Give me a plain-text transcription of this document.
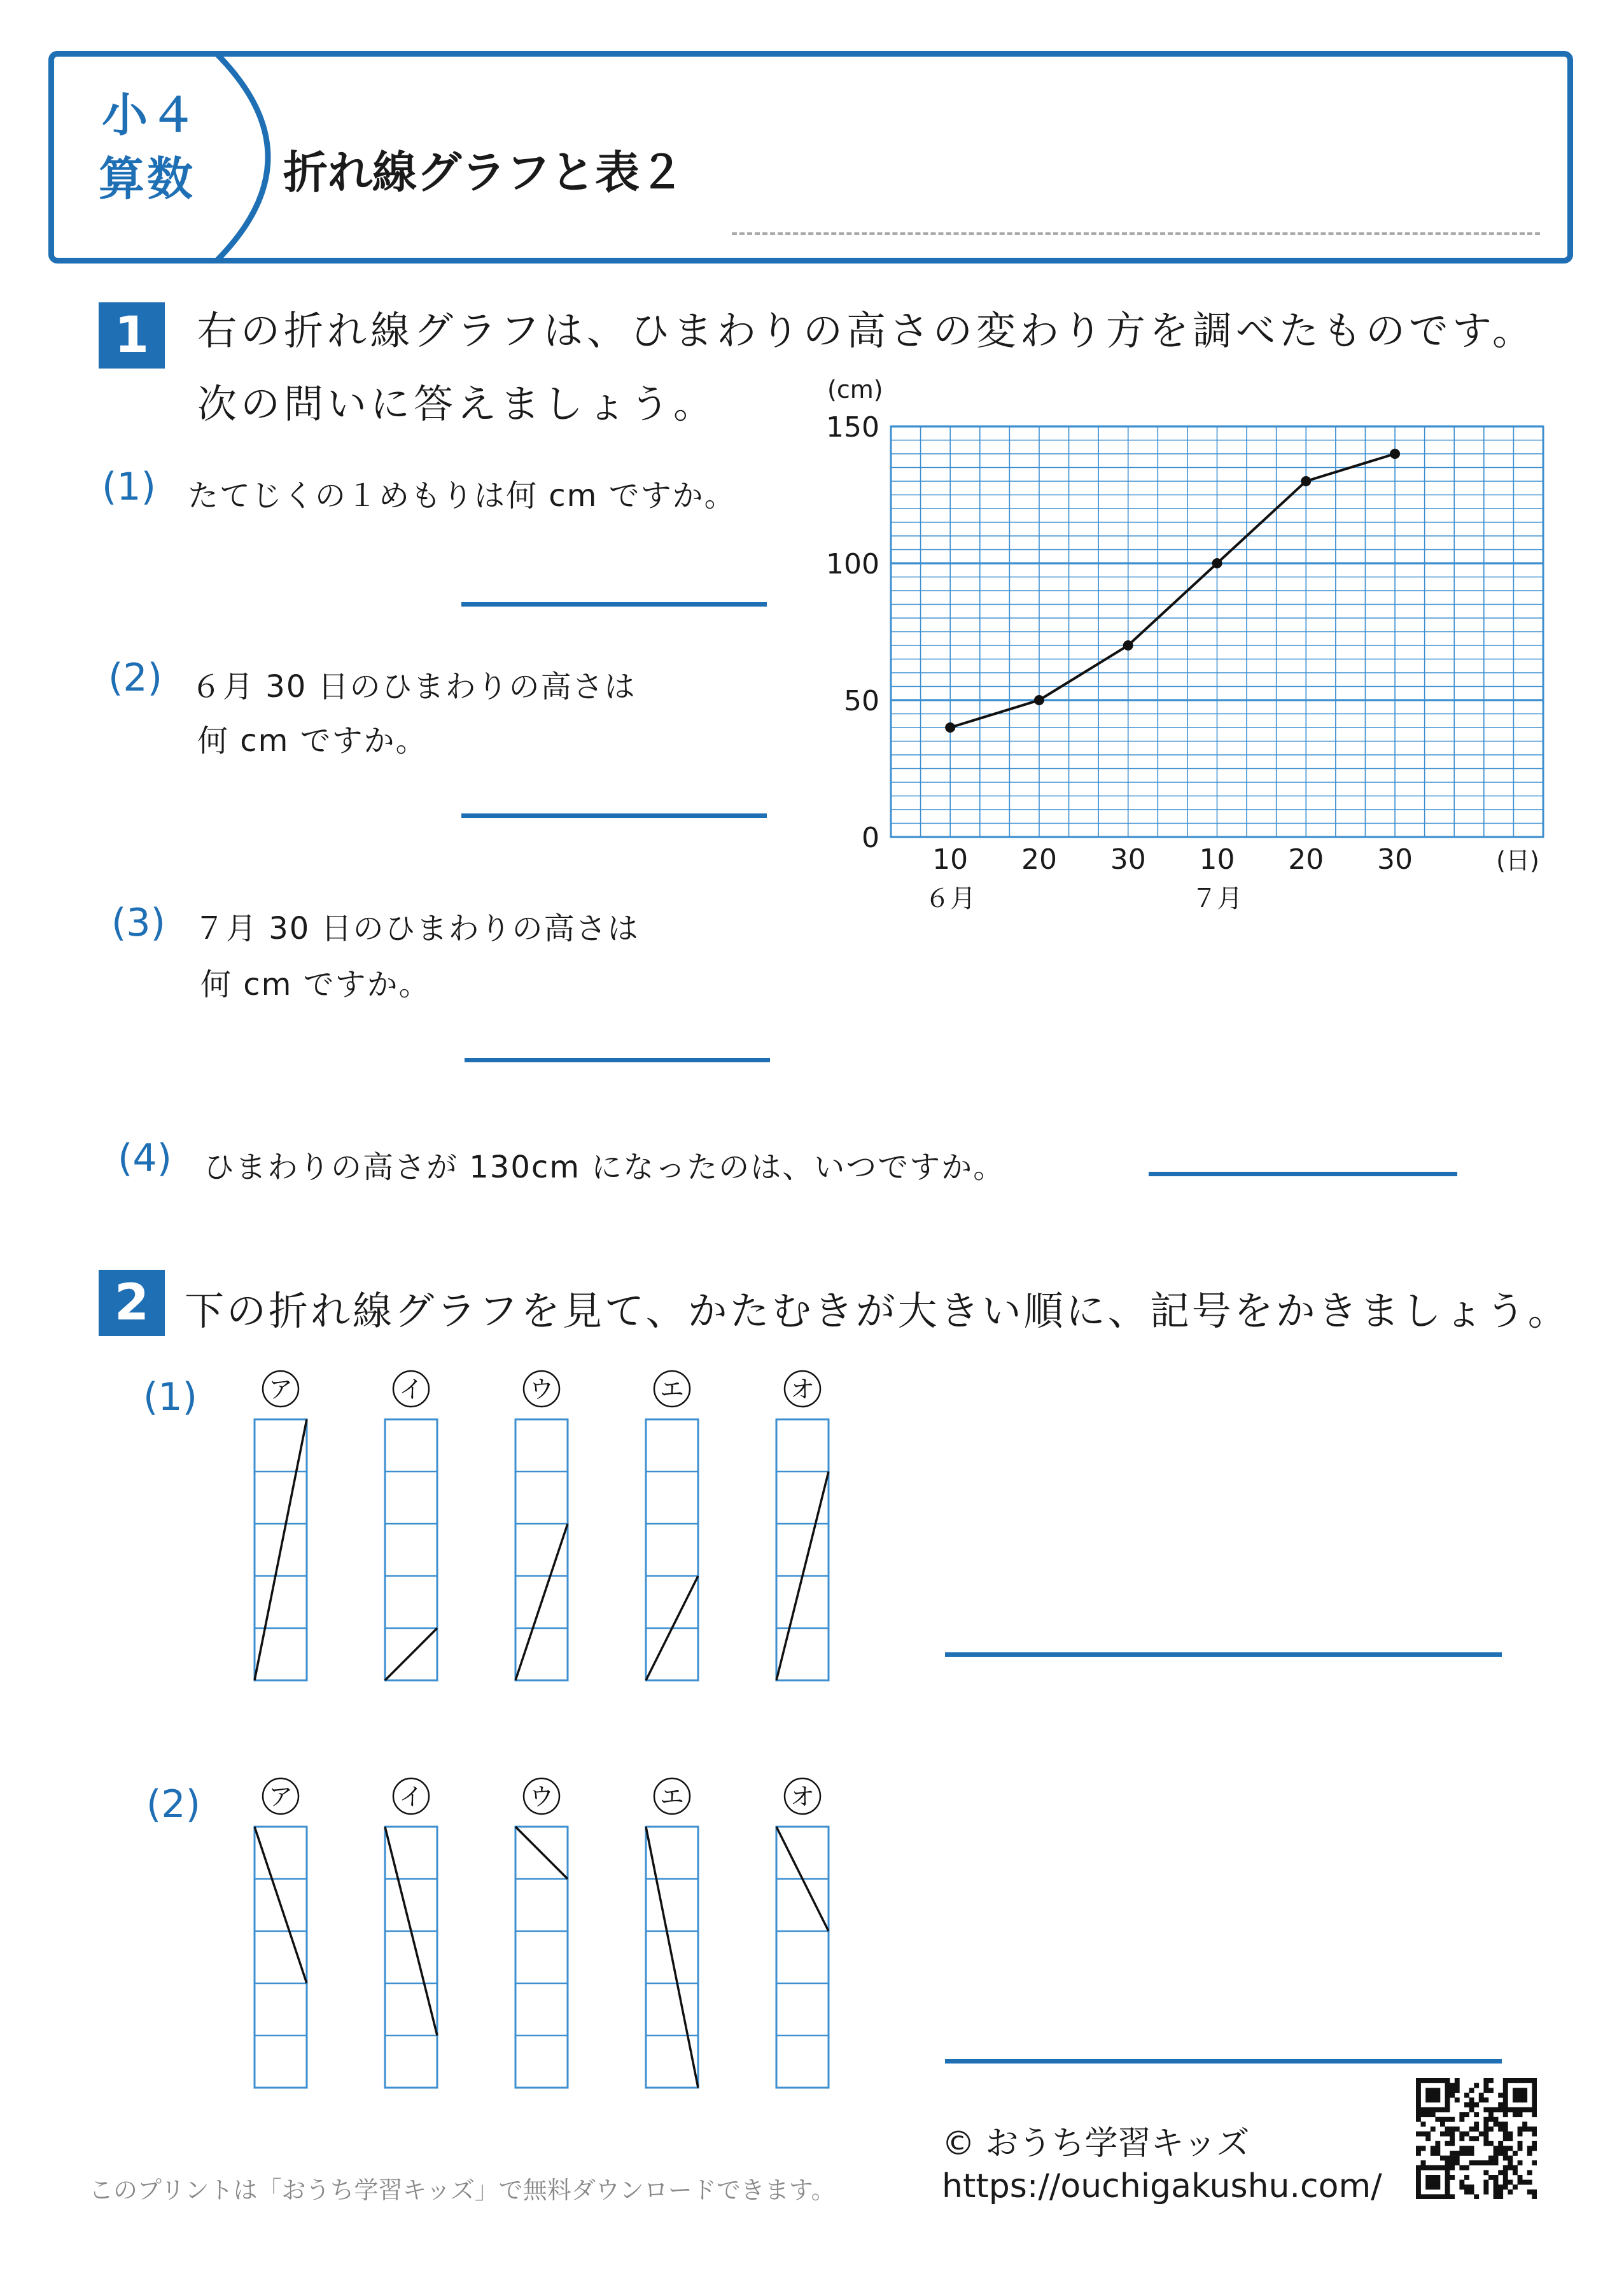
小４
算数 折れ線グラフと表２
1	右の折れ線グラフは、ひまわりの高さの変わり方を調べたものです。
次の問いに答えましょう。
(1) たてじくの１めもりは何 cm ですか。
(2) ６月 30 日のひまわりの高さは
何 cm ですか。
(3) ７月 30 日のひまわりの高さは
何 cm ですか。
(4) ひまわりの高さが 130cm になったのは、いつですか。
(cm)
0
50
100
150
10 20 30 10 20 30	(日)
６月	７月
2 下の折れ線グラフを見て、かたむきが大きい順に、記号をかきましょう。
(1)
(2)
ア	イ	ウ	エ	オ
ア	イ	ウ	エ	オ
このプリントは「おうち学習キッズ」で無料ダウンロードできます。
© おうち学習キッズ
https://ouchigakushu.com/
